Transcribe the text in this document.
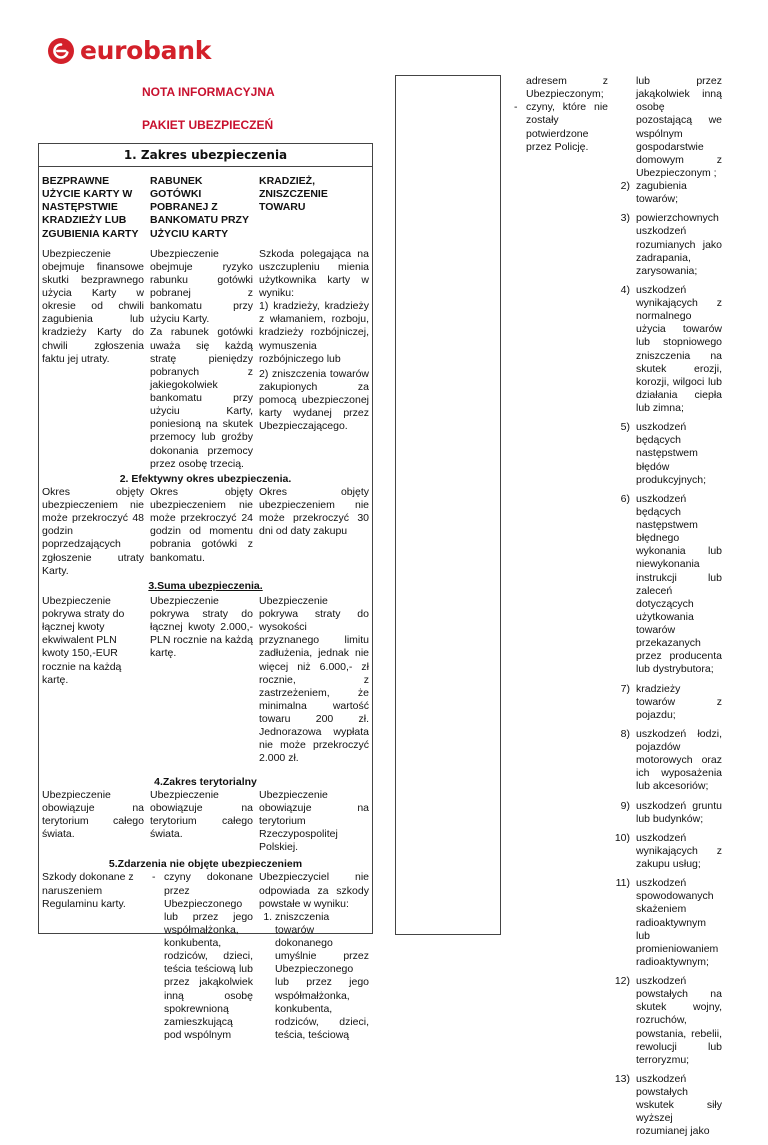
eurobank
NOTA INFORMACYJNA
PAKIET UBEZPIECZEŃ
1. Zakres ubezpieczenia
BEZPRAWNE UŻYCIE KARTY W NASTĘPSTWIE KRADZIEŻY LUB ZGUBIENIA KARTY
RABUNEK GOTÓWKI POBRANEJ Z BANKOMATU PRZY UŻYCIU KARTY
KRADZIEŻ, ZNISZCZENIE TOWARU
Ubezpieczenie obejmuje finansowe skutki bezprawnego użycia Karty w okresie od chwili zagubienia lub kradzieży Karty do chwili zgłoszenia faktu jej utraty.
Ubezpieczenie obejmuje ryzyko rabunku gotówki pobranej z bankomatu przy użyciu Karty.
Za rabunek gotówki uważa się każdą stratę pieniędzy pobranych z jakiegokolwiek bankomatu przy użyciu Karty, poniesioną na skutek przemocy lub groźby dokonania przemocy przez osobę trzecią.
Szkoda polegająca na uszczupleniu mienia użytkownika karty w wyniku:
1) kradzieży, kradzieży z włamaniem, rozboju, kradzieży rozbójniczej, wymuszenia rozbójniczego lub
2) zniszczenia towarów zakupionych za pomocą ubezpieczonej karty wydanej przez Ubezpieczającego.
2. Efektywny okres ubezpieczenia.
Okres objęty ubezpieczeniem nie może przekroczyć 48 godzin poprzedzających zgłoszenie utraty Karty.
Okres objęty ubezpieczeniem nie może przekroczyć 24 godzin od momentu pobrania gotówki z bankomatu.
Okres objęty ubezpieczeniem nie może przekroczyć 30 dni od daty zakupu
3.Suma ubezpieczenia.
Ubezpieczenie pokrywa straty do łącznej kwoty ekwiwalent PLN kwoty 150,-EUR rocznie na każdą kartę.
Ubezpieczenie pokrywa straty do łącznej kwoty 2.000,- PLN rocznie na każdą kartę.
Ubezpieczenie pokrywa straty do wysokości przyznanego limitu zadłużenia, jednak nie więcej niż 6.000,- zł rocznie, z zastrzeżeniem, że minimalna wartość towaru 200 zł. Jednorazowa wypłata nie może przekroczyć 2.000 zł.
4.Zakres terytorialny
Ubezpieczenie obowiązuje na terytorium całego świata.
Ubezpieczenie obowiązuje na terytorium całego świata.
Ubezpieczenie obowiązuje na terytorium Rzeczypospolitej Polskiej.
5.Zdarzenia nie objęte ubezpieczeniem
Szkody dokonane z naruszeniem Regulaminu karty.
- czyny dokonane przez Ubezpieczonego lub przez jego współmałżonka, konkubenta, rodziców, dzieci, teścia teściową lub przez jakąkolwiek inną osobę spokrewnioną zamieszkującą pod wspólnym
Ubezpieczyciel nie odpowiada za szkody powstałe w wyniku:
1. zniszczenia towarów dokonanego umyślnie przez Ubezpieczonego lub przez jego współmałżonka, konkubenta, rodziców, dzieci, teścia, teściową
adresem z Ubezpieczonym;
- czyny, które nie zostały potwierdzone przez Policję.
lub przez jakąkolwiek inną osobę pozostającą we wspólnym gospodarstwie domowym z Ubezpieczonym ;
2) zagubienia towarów;
3) powierzchownych uszkodzeń rozumianych jako zadrapania, zarysowania;
4) uszkodzeń wynikających z normalnego użycia towarów lub stopniowego zniszczenia na skutek erozji, korozji, wilgoci lub działania ciepła lub zimna;
5) uszkodzeń będących następstwem błędów produkcyjnych;
6) uszkodzeń będących następstwem błędnego wykonania lub niewykonania instrukcji lub zaleceń dotyczących użytkowania towarów przekazanych przez producenta lub dystrybutora;
7) kradzieży towarów z pojazdu;
8) uszkodzeń łodzi, pojazdów motorowych oraz ich wyposażenia lub akcesoriów;
9) uszkodzeń gruntu lub budynków;
10) uszkodzeń wynikających z zakupu usług;
11) uszkodzeń spowodowanych skażeniem radioaktywnym lub promieniowaniem radioaktywnym;
12) uszkodzeń powstałych na skutek wojny, rozruchów, powstania, rebelii, rewolucji lub terroryzmu;
13) uszkodzeń powstałych wskutek siły wyższej rozumianej jako
